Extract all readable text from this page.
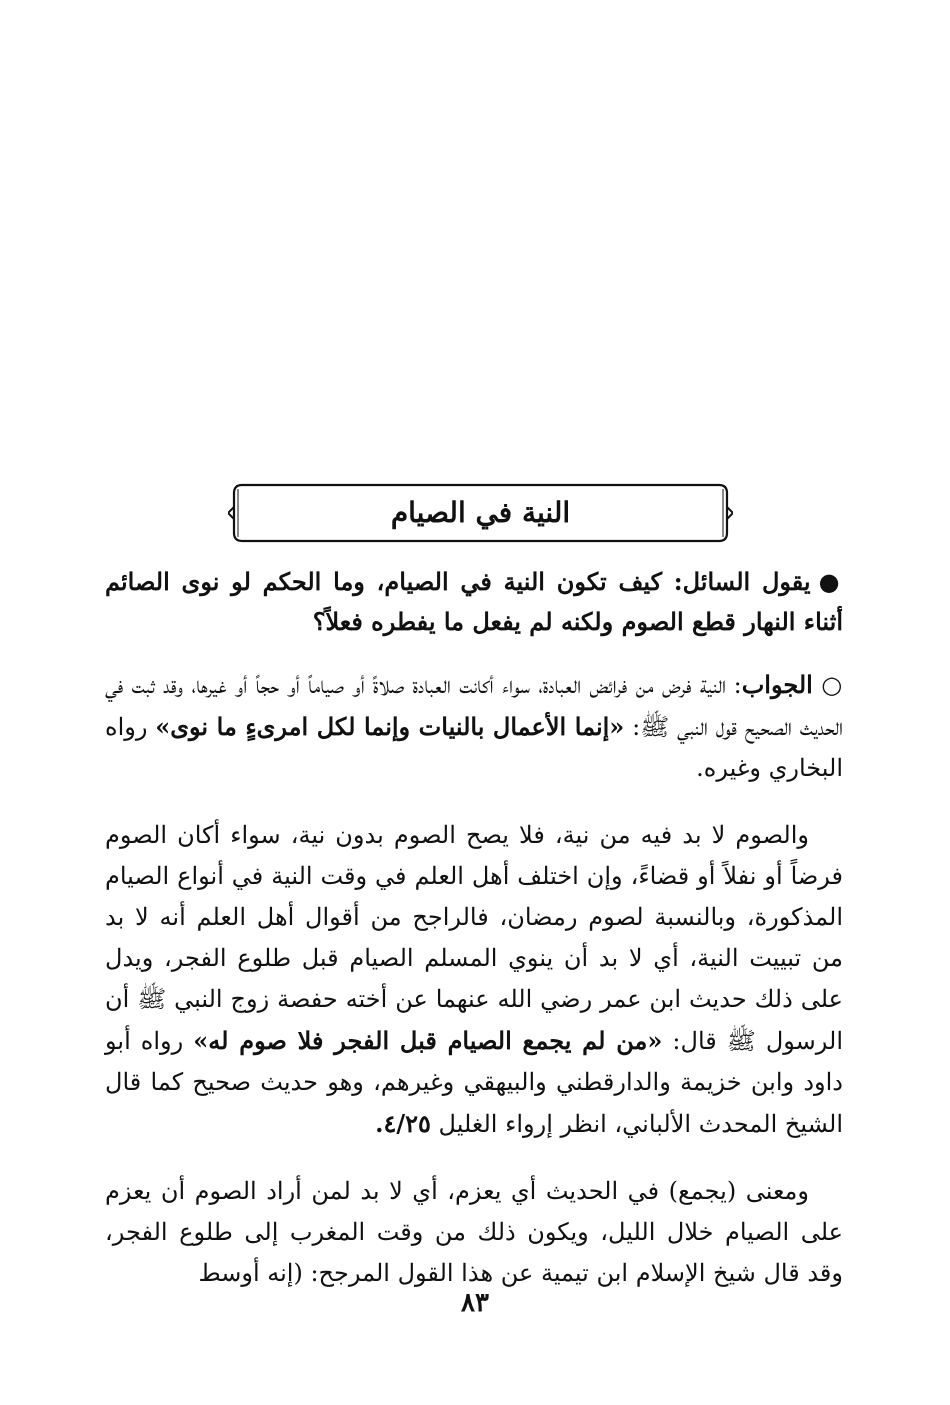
النية في الصيام

●يقول السائل: كيف تكون النية في الصيام، وما الحكم لو نوى الصائم أثناء النهار قطع الصوم ولكنه لم يفعل ما يفطره فعلاً؟

○ الجواب: النية فرض من فرائض العبادة، سواء أكانت العبادة صلاةً أو صياماً أو حجاً أو غيرها، وقد ثبت في الحديث الصحيح قول النبي ﷺ: «إنما الأعمال بالنيات وإنما لكل امرىءٍ ما نوى» رواه البخاري وغيره.

والصوم لا بد فيه من نية، فلا يصح الصوم بدون نية، سواء أكان الصوم فرضاً أو نفلاً أو قضاءً، وإن اختلف أهل العلم في وقت النية في أنواع الصيام المذكورة، وبالنسبة لصوم رمضان، فالراجح من أقوال أهل العلم أنه لا بد من تبييت النية، أي لا بد أن ينوي المسلم الصيام قبل طلوع الفجر، ويدل على ذلك حديث ابن عمر رضي الله عنهما عن أخته حفصة زوج النبي ﷺ أن الرسول ﷺ قال: «من لم يجمع الصيام قبل الفجر فلا صوم له» رواه أبو داود وابن خزيمة والدارقطني والبيهقي وغيرهم، وهو حديث صحيح كما قال الشيخ المحدث الألباني، انظر إرواء الغليل ٤/٢٥.

ومعنى (يجمع) في الحديث أي يعزم، أي لا بد لمن أراد الصوم أن يعزم على الصيام خلال الليل، ويكون ذلك من وقت المغرب إلى طلوع الفجر، وقد قال شيخ الإسلام ابن تيمية عن هذا القول المرجح: (إنه أوسط

٨٣
